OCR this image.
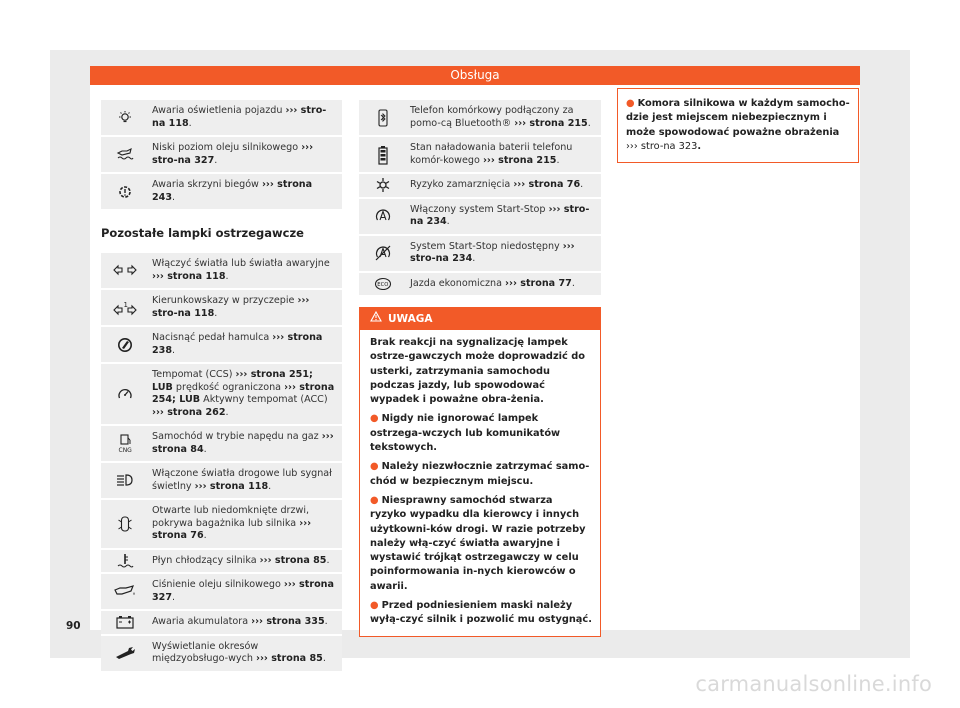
Obsługa
	Awaria oświetlenia pojazdu ››› stro-na 118.
	Niski poziom oleju silnikowego ››› stro-na 327.
	Awaria skrzyni biegów ››› strona 243.
Pozostałe lampki ostrzegawcze
	Włączyć światła lub światła awaryjne ››› strona 118.

1	Kierunkowskazy w przyczepie ››› stro-na 118.
	Nacisnąć pedał hamulca ››› strona 238.
	Tempomat (CCS) ››› strona 251; LUB prędkość ograniczona ››› strona 254; LUB Aktywny tempomat (ACC) ››› strona 262.

CNG	Samochód w trybie napędu na gaz ››› strona 84.
	Włączone światła drogowe lub sygnał świetlny ››› strona 118.
	Otwarte lub niedomknięte drzwi, pokrywa bagażnika lub silnika ››› strona 76.
	Płyn chłodzący silnika ››› strona 85.
	Ciśnienie oleju silnikowego ››› strona 327.
	Awaria akumulatora ››› strona 335.
	Wyświetlanie okresów międzyobsługo-wych ››› strona 85.
	Telefon komórkowy podłączony za pomo-cą Bluetooth® ››› strona 215.
	Stan naładowania baterii telefonu komór-kowego ››› strona 215.
	Ryzyko zamarznięcia ››› strona 76.
	Włączony system Start-Stop ››› stro-na 234.
	System Start-Stop niedostępny ››› stro-na 234.

ECO	Jazda ekonomiczna ››› strona 77.
UWAGA

Brak reakcji na sygnalizację lampek ostrze-gawczych może doprowadzić do usterki, zatrzymania samochodu podczas jazdy, lub spowodować wypadek i poważne obra-żenia.

● Nigdy nie ignorować lampek ostrzega-wczych lub komunikatów tekstowych.

● Należy niezwłocznie zatrzymać samo-chód w bezpiecznym miejscu.

● Niesprawny samochód stwarza ryzyko wypadku dla kierowcy i innych użytkowni-ków drogi. W razie potrzeby należy włą-czyć światła awaryjne i wystawić trójkąt ostrzegawczy w celu poinformowania in-nych kierowców o awarii.

● Przed podniesieniem maski należy wyłą-czyć silnik i pozwolić mu ostygnąć.

● Komora silnikowa w każdym samocho-dzie jest miejscem niebezpiecznym i może spowodować poważne obrażenia ››› stro-na 323.
90
carmanualsonline.info
